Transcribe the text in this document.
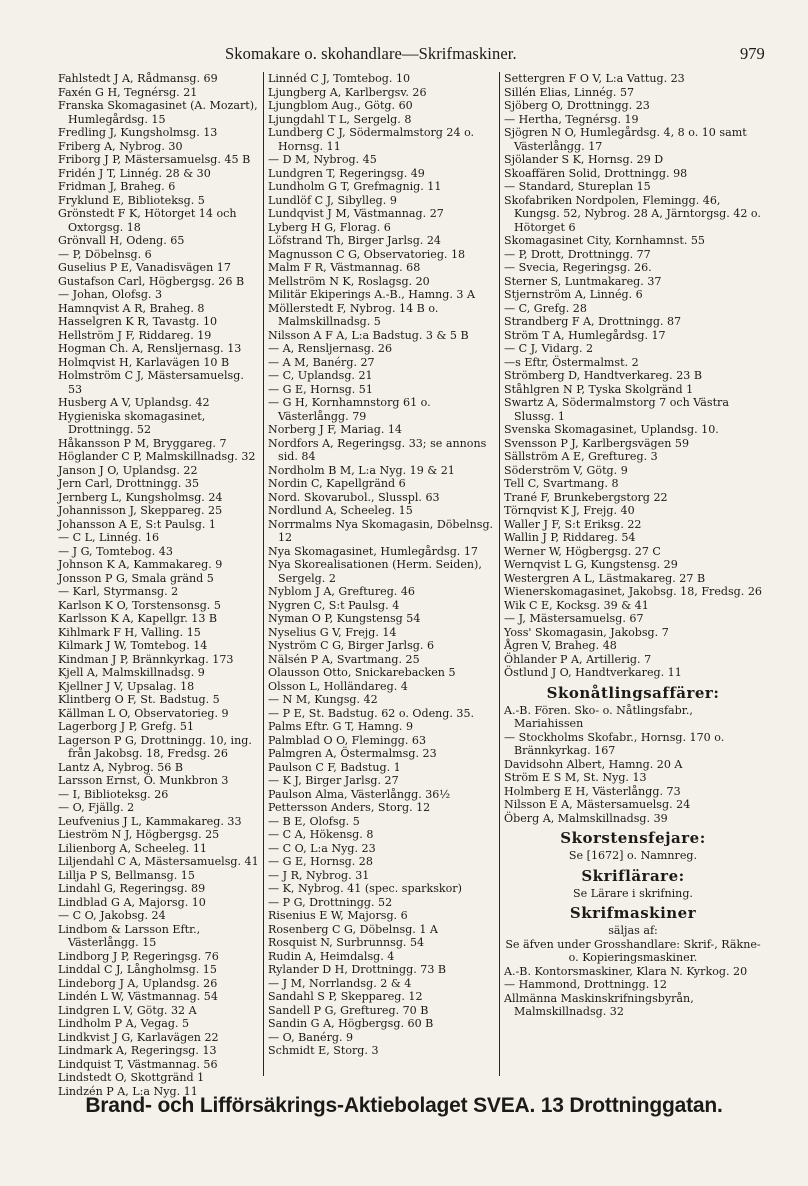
Skomakare o. skohandlare—Skrifmaskiner.	979
Fahlstedt J A, Rådmansg. 69
Faxén G H, Tegnérsg. 21
Franska Skomagasinet (A. Mozart), Humlegårdsg. 15
Fredling J, Kungsholmsg. 13
Friberg A, Nybrog. 30
Friborg J P, Mästersamuelsg. 45 B
Fridén J T, Linnég. 28 & 30
Fridman J, Braheg. 6
Fryklund E, Biblioteksg. 5
Grönstedt F K, Hötorget 14 och Oxtorgsg. 18
Grönvall H, Odeng. 65
— P, Döbelnsg. 6
Guselius P E, Vanadisvägen 17
Gustafson Carl, Högbergsg. 26 B
— Johan, Olofsg. 3
Hamnqvist A R, Braheg. 8
Hasselgren K R, Tavastg. 10
Hellström J F, Riddareg. 19
Hogman Ch. A, Rensljernasg. 13
Holmqvist H, Karlavägen 10 B
Holmström C J, Mästersamuelsg. 53
Husberg A V, Uplandsg. 42
Hygieniska skomagasinet, Drottningg. 52
Håkansson P M, Bryggareg. 7
Höglander C P, Malmskillnadsg. 32
Janson J O, Uplandsg. 22
Jern Carl, Drottningg. 35
Jernberg L, Kungsholmsg. 24
Johannisson J, Skeppareg. 25
Johansson A E, S:t Paulsg. 1
— C L, Linnég. 16
— J G, Tomtebog. 43
Johnson K A, Kammakareg. 9
Jonsson P G, Smala gränd 5
— Karl, Styrmansg. 2
Karlson K O, Torstensonsg. 5
Karlsson K A, Kapellgr. 13 B
Kihlmark F H, Valling. 15
Kilmark J W, Tomtebog. 14
Kindman J P, Brännkyrkag. 173
Kjell A, Malmskillnadsg. 9
Kjellner J V, Upsalag. 18
Klintberg O F, St. Badstug. 5
Källman L O, Observatorieg. 9
Lagerborg J P, Grefg. 51
Lagerson P G, Drottningg. 10, ing. från Jakobsg. 18, Fredsg. 26
Lantz A, Nybrog. 56 B
Larsson Ernst, Ö. Munkbron 3
— I, Biblioteksg. 26
— O, Fjällg. 2
Leufvenius J L, Kammakareg. 33
Lieström N J, Högbergsg. 25
Lilienborg A, Scheeleg. 11
Liljendahl C A, Mästersamuelsg. 41
Lillja P S, Bellmansg. 15
Lindahl G, Regeringsg. 89
Lindblad G A, Majorsg. 10
— C O, Jakobsg. 24
Lindbom & Larsson Eftr., Västerlångg. 15
Lindborg J P, Regeringsg. 76
Linddal C J, Långholmsg. 15
Lindeborg J A, Uplandsg. 26
Lindén L W, Västmannag. 54
Lindgren L V, Götg. 32 A
Lindholm P A, Vegag. 5
Lindkvist J G, Karlavägen 22
Lindmark A, Regeringsg. 13
Lindquist T, Västmannag. 56
Lindstedt O, Skottgränd 1
Lindzén P A, L:a Nyg. 11
Linnéd C J, Tomtebog. 10
Ljungberg A, Karlbergsv. 26
Ljungblom Aug., Götg. 60
Ljungdahl T L, Sergelg. 8
Lundberg C J, Södermalmstorg 24 o. Hornsg. 11
— D M, Nybrog. 45
Lundgren T, Regeringsg. 49
Lundholm G T, Grefmagnig. 11
Lundlöf C J, Sibylleg. 9
Lundqvist J M, Västmannag. 27
Lyberg H G, Florag. 6
Löfstrand Th, Birger Jarlsg. 24
Magnusson C G, Observatorieg. 18
Malm F R, Västmannag. 68
Mellström N K, Roslagsg. 20
Militär Ekiperings A.-B., Hamng. 3 A
Möllerstedt F, Nybrog. 14 B o. Malmskillnadsg. 5
Nilsson A F A, L:a Badstug. 3 & 5 B
— A, Rensljernasg. 26
— A M, Banérg. 27
— C, Uplandsg. 21
— G E, Hornsg. 51
— G H, Kornhamnstorg 61 o. Västerlångg. 79
Norberg J F, Mariag. 14
Nordfors A, Regeringsg. 33; se annons sid. 84
Nordholm B M, L:a Nyg. 19 & 21
Nordin C, Kapellgränd 6
Nord. Skovarubol., Slusspl. 63
Nordlund A, Scheeleg. 15
Norrmalms Nya Skomagasin, Döbelnsg. 12
Nya Skomagasinet, Humlegårdsg. 17
Nya Skorealisationen (Herm. Seiden), Sergelg. 2
Nyblom J A, Greftureg. 46
Nygren C, S:t Paulsg. 4
Nyman O P, Kungstensg 54
Nyselius G V, Frejg. 14
Nyström C G, Birger Jarlsg. 6
Nälsén P A, Svartmang. 25
Olausson Otto, Snickarebacken 5
Olsson L, Holländareg. 4
— N M, Kungsg. 42
— P E, St. Badstug. 62 o. Odeng. 35.
Palms Eftr. G T, Hamng. 9
Palmblad O O, Flemingg. 63
Palmgren A, Östermalmsg. 23
Paulson C F, Badstug. 1
— K J, Birger Jarlsg. 27
Paulson Alma, Västerlångg. 36½
Pettersson Anders, Storg. 12
— B E, Olofsg. 5
— C A, Hökensg. 8
— C O, L:a Nyg. 23
— G E, Hornsg. 28
— J R, Nybrog. 31
— K, Nybrog. 41 (spec. sparkskor)
— P G, Drottningg. 52
Risenius E W, Majorsg. 6
Rosenberg C G, Döbelnsg. 1 A
Rosquist N, Surbrunnsg. 54
Rudin A, Heimdalsg. 4
Rylander D H, Drottningg. 73 B
— J M, Norrlandsg. 2 & 4
Sandahl S P, Skeppareg. 12
Sandell P G, Greftureg. 70 B
Sandin G A, Högbergsg. 60 B
— O, Banérg. 9
Schmidt E, Storg. 3
Settergren F O V, L:a Vattug. 23
Sillén Elias, Linnég. 57
Sjöberg O, Drottningg. 23
— Hertha, Tegnérsg. 19
Sjögren N O, Humlegårdsg. 4, 8 o. 10 samt Västerlångg. 17
Sjölander S K, Hornsg. 29 D
Skoaffären Solid, Drottningg. 98
— Standard, Stureplan 15
Skofabriken Nordpolen, Flemingg. 46, Kungsg. 52, Nybrog. 28 A, Järntorgsg. 42 o. Hötorget 6
Skomagasinet City, Kornhamnst. 55
— P, Drott, Drottningg. 77
— Svecia, Regeringsg. 26.
Sterner S, Luntmakareg. 37
Stjernström A, Linnég. 6
— C, Grefg. 28
Strandberg F A, Drottningg. 87
Ström T A, Humlegårdsg. 17
— C J, Vidarg. 2
—s Eftr, Östermalmst. 2
Strömberg D, Handtverkareg. 23 B
Ståhlgren N P, Tyska Skolgränd 1
Swartz A, Södermalmstorg 7 och Västra Slussg. 1
Svenska Skomagasinet, Uplandsg. 10.
Svensson P J, Karlbergsvägen 59
Sällström A E, Greftureg. 3
Söderström V, Götg. 9
Tell C, Svartmang. 8
Trané F, Brunkebergstorg 22
Törnqvist K J, Frejg. 40
Waller J F, S:t Eriksg. 22
Wallin J P, Riddareg. 54
Werner W, Högbergsg. 27 C
Wernqvist L G, Kungstensg. 29
Westergren A L, Lästmakareg. 27 B
Wienerskomagasinet, Jakobsg. 18, Fredsg. 26
Wik C E, Kocksg. 39 & 41
— J, Mästersamuelsg. 67
Yoss' Skomagasin, Jakobsg. 7
Ågren V, Braheg. 48
Öhlander P A, Artillerig. 7
Östlund J O, Handtverkareg. 11
Skonåtlingsaffärer:
A.-B. Fören. Sko- o. Nåtlingsfabr., Mariahissen
— Stockholms Skofabr., Hornsg. 170 o. Brännkyrkag. 167
Davidsohn Albert, Hamng. 20 A
Ström E S M, St. Nyg. 13
Holmberg E H, Västerlångg. 73
Nilsson E A, Mästersamuelsg. 24
Öberg A, Malmskillnadsg. 39
Skorstensfejare:
Se [1672] o. Namnreg.
Skriflärare:
Se Lärare i skrifning.
Skrifmaskiner
säljas af:
Se äfven under Grosshandlare: Skrif-, Räkne- o. Kopieringsmaskiner.
A.-B. Kontorsmaskiner, Klara N. Kyrkog. 20
— Hammond, Drottningg. 12
Allmänna Maskinskrifningsbyrån, Malmskillnadsg. 32
Brand- och Lifförsäkrings-Aktiebolaget SVEA. 13 Drottninggatan.
